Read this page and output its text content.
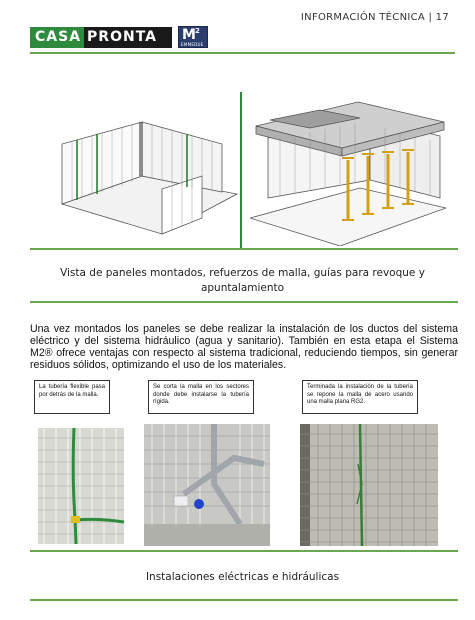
CASA PRONTA	M 2
EMMEDUE
INFORMACIÓN TÉCNICA | 17
Vista de paneles montados, refuerzos de malla, guías para revoque y apuntalamiento

Una vez montados los paneles se debe realizar la instalación de los ductos del sistema eléctrico y del sistema hidráulico (agua y sanitario). También en esta etapa el Sistema M2® ofrece ventajas con respecto al sistema tradicional, reduciendo tiempos, sin generar residuos sólidos, optimizando el uso de los materiales.

La tubería flexible pasa por detrás de la malla.
Se corta la malla en los sectores donde debe instalarse la tubería rígida.
Terminada la instalación de la tubería se repone la malla de acero usando una malla plana RG2.
Instalaciones eléctricas e hidráulicas
